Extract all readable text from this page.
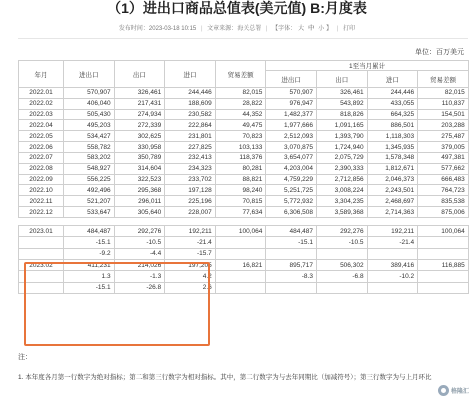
（1）进出口商品总值表(美元值) B:月度表
发布时间：2023-03-18 10:15 | 文章来源：海关总署 | 【字体： 大 中 小 】 | 打印
单位：百万美元
年月	进出口	出口	进口	贸易差额	1至当月累计			
					进出口	出口	进口	贸易差额
2022.01	570,907	326,461	244,446	82,015	570,907	326,461	244,446	82,015
2022.02	406,040	217,431	188,609	28,822	976,947	543,892	433,055	110,837
2022.03	505,430	274,934	230,582	44,352	1,482,377	818,826	664,325	154,501
2022.04	495,203	272,339	222,864	49,475	1,977,666	1,091,165	886,501	203,288
2022.05	534,427	302,625	231,801	70,823	2,512,093	1,393,790	1,118,303	275,487
2022.06	558,782	330,958	227,825	103,133	3,070,875	1,724,940	1,345,935	379,005
2022.07	583,202	350,789	232,413	118,376	3,654,077	2,075,729	1,578,348	497,381
2022.08	548,927	314,604	234,323	80,281	4,203,004	2,390,333	1,812,671	577,662
2022.09	556,225	322,523	233,702	88,821	4,759,229	2,712,856	2,046,373	666,483
2022.10	492,496	295,368	197,128	98,240	5,251,725	3,008,224	2,243,501	764,723
2022.11	521,207	296,011	225,196	70,815	5,772,932	3,304,235	2,468,697	835,538
2022.12	533,647	305,640	228,007	77,634	6,306,508	3,589,368	2,714,363	875,006

2023.01	484,487	292,276	192,211	100,064	484,487	292,276	192,211	100,064
	-15.1	-10.5	-21.4		-15.1	-10.5	-21.4	
	-9.2	-4.4	-15.7					
2023.02	411,231	214,026	197,205	16,821	895,717	506,302	389,416	116,885
	1.3	-1.3	4.2		-8.3	-6.8	-10.2	
	-15.1	-26.8	2.6					
注：
1. 本年度各月第一行数字为绝对指标；第二和第三行数字为相对指标。其中，第二行数字为与去年同期比（加减符号）；第三行数字为与上月环比
格隆汇
